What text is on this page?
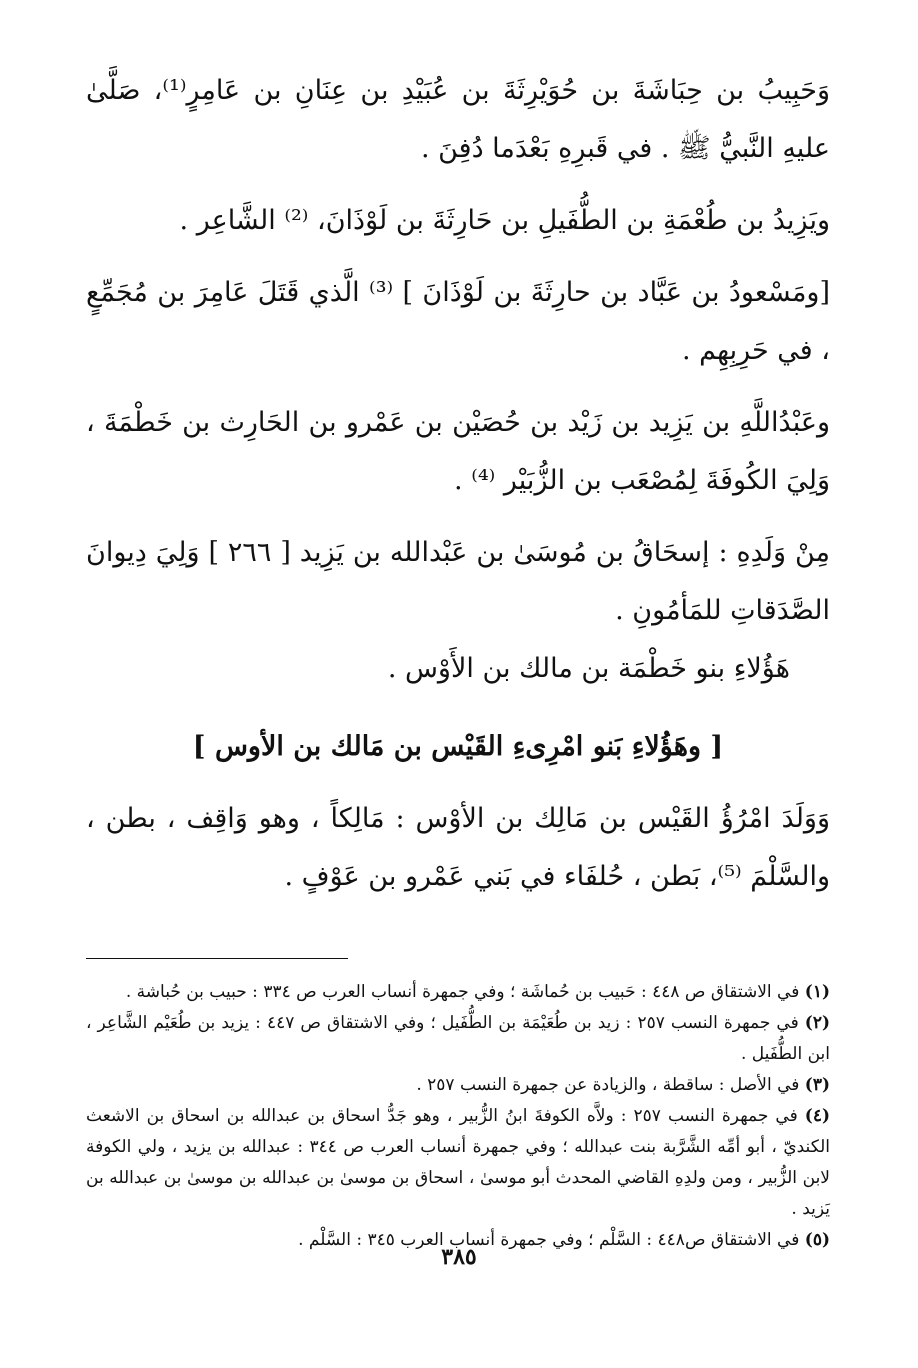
وَحَبِيبُ بن حِبَاشَةَ بن حُوَيْرِثَةَ بن عُبَيْدِ بن عِنَانِ بن عَامِرٍ⁽¹⁾، صَلَّىٰ عليهِ النَّبيُّ ﷺ . في قَبرِهِ بَعْدَما دُفِنَ .

ويَزِيدُ بن طُعْمَةِ بن الطُّفَيلِ بن حَارِثَةَ بن لَوْذَانَ، ⁽²⁾ الشَّاعِر .

[ومَسْعودُ بن عَبَّاد بن حارِثَةَ بن لَوْذَانَ ] ⁽³⁾ الَّذي قَتَلَ عَامِرَ بن مُجَمِّعٍ ، في حَرِبِهِم .

وعَبْدُاللَّهِ بن يَزِيد بن زَيْد بن حُصَيْن بن عَمْرو بن الحَارِث بن خَطْمَةَ ، وَلِيَ الكُوفَةَ لِمُصْعَب بن الزُّبَيْر ⁽⁴⁾ .

مِنْ وَلَدِهِ : إسحَاقُ بن مُوسَىٰ بن عَبْدالله بن يَزِيد [ ٢٦٦ ] وَلِيَ دِيوانَ الصَّدَقاتِ للمَأمُونِ .

هَؤُلاءِ بنو خَطْمَة بن مالك بن الأَوْس .

[ وهَؤُلاءِ بَنو امْرِىءِ القَيْس بن مَالك بن الأوس ]

وَوَلَدَ امْرُؤُ القَيْس بن مَالِك بن الأوْس : مَالِكاً ، وهو وَاقِف ، بطن ، والسَّلْمَ ⁽⁵⁾، بَطن ، حُلفَاء في بَني عَمْرو بن عَوْفٍ .

(١) في الاشتقاق ص ٤٤٨ : حَبيب بن حُماشَة ؛ وفي جمهرة أنساب العرب ص ٣٣٤ : حبيب بن حُباشة .

(٢) في جمهرة النسب ٢٥٧ : زيد بن طُعَيْمَة بن الطُّفَيل ؛ وفي الاشتقاق ص ٤٤٧ : يزيد بن طُعَيْم الشَّاعِر ، ابن الطُّفَيل .

(٣) في الأصل : ساقطة ، والزيادة عن جمهرة النسب ٢٥٧ .

(٤) في جمهرة النسب ٢٥٧ : ولاَّه الكوفةَ ابنُ الزُّبير ، وهو جَدُّ اسحاق بن عبدالله بن اسحاق بن الاشعث الكنديّ ، أبو أمِّه الشَّرَّبة بنت عبدالله ؛ وفي جمهرة أنساب العرب ص ٣٤٤ : عبدالله بن يزيد ، ولي الكوفة لابن الزُّبير ، ومن ولدِهِ القاضي المحدث أبو موسىٰ ، اسحاق بن موسىٰ بن عبدالله بن موسىٰ بن عبدالله بن يَزيد .

(٥) في الاشتقاق ص٤٤٨ : السَّلْم ؛ وفي جمهرة أنساب العرب ٣٤٥ : السَّلْم .

٣٨٥
